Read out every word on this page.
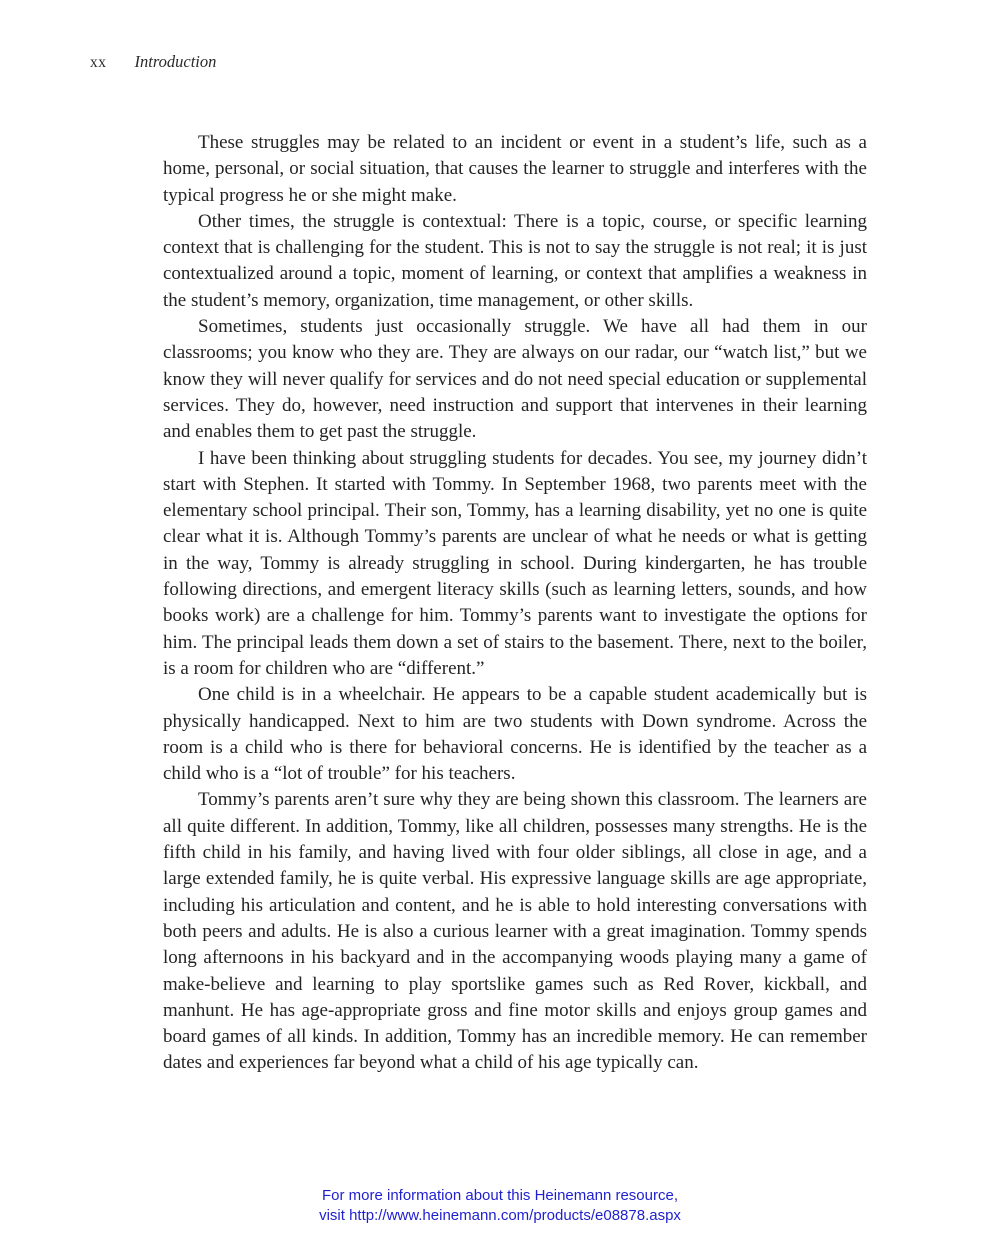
xx Introduction

These struggles may be related to an incident or event in a student’s life, such as a home, personal, or social situation, that causes the learner to struggle and interferes with the typical progress he or she might make.

Other times, the struggle is contextual: There is a topic, course, or specific learning context that is challenging for the student. This is not to say the struggle is not real; it is just contextualized around a topic, moment of learning, or context that amplifies a weakness in the student’s memory, organization, time management, or other skills.

Sometimes, students just occasionally struggle. We have all had them in our classrooms; you know who they are. They are always on our radar, our “watch list,” but we know they will never qualify for services and do not need special education or supplemental services. They do, however, need instruction and support that intervenes in their learning and enables them to get past the struggle.

I have been thinking about struggling students for decades. You see, my journey didn’t start with Stephen. It started with Tommy. In September 1968, two parents meet with the elementary school principal. Their son, Tommy, has a learning disability, yet no one is quite clear what it is. Although Tommy’s parents are unclear of what he needs or what is getting in the way, Tommy is already struggling in school. During kindergarten, he has trouble following directions, and emergent literacy skills (such as learning letters, sounds, and how books work) are a challenge for him. Tommy’s parents want to investigate the options for him. The principal leads them down a set of stairs to the basement. There, next to the boiler, is a room for children who are “different.”

One child is in a wheelchair. He appears to be a capable student academically but is physically handicapped. Next to him are two students with Down syndrome. Across the room is a child who is there for behavioral concerns. He is identified by the teacher as a child who is a “lot of trouble” for his teachers.

Tommy’s parents aren’t sure why they are being shown this classroom. The learners are all quite different. In addition, Tommy, like all children, possesses many strengths. He is the fifth child in his family, and having lived with four older siblings, all close in age, and a large extended family, he is quite verbal. His expressive language skills are age appropriate, including his articulation and content, and he is able to hold interesting conversations with both peers and adults. He is also a curious learner with a great imagination. Tommy spends long afternoons in his backyard and in the accompanying woods playing many a game of make-believe and learning to play sportslike games such as Red Rover, kickball, and manhunt. He has age-appropriate gross and fine motor skills and enjoys group games and board games of all kinds. In addition, Tommy has an incredible memory. He can remember dates and experiences far beyond what a child of his age typically can.

For more information about this Heinemann resource,
visit http://www.heinemann.com/products/e08878.aspx
